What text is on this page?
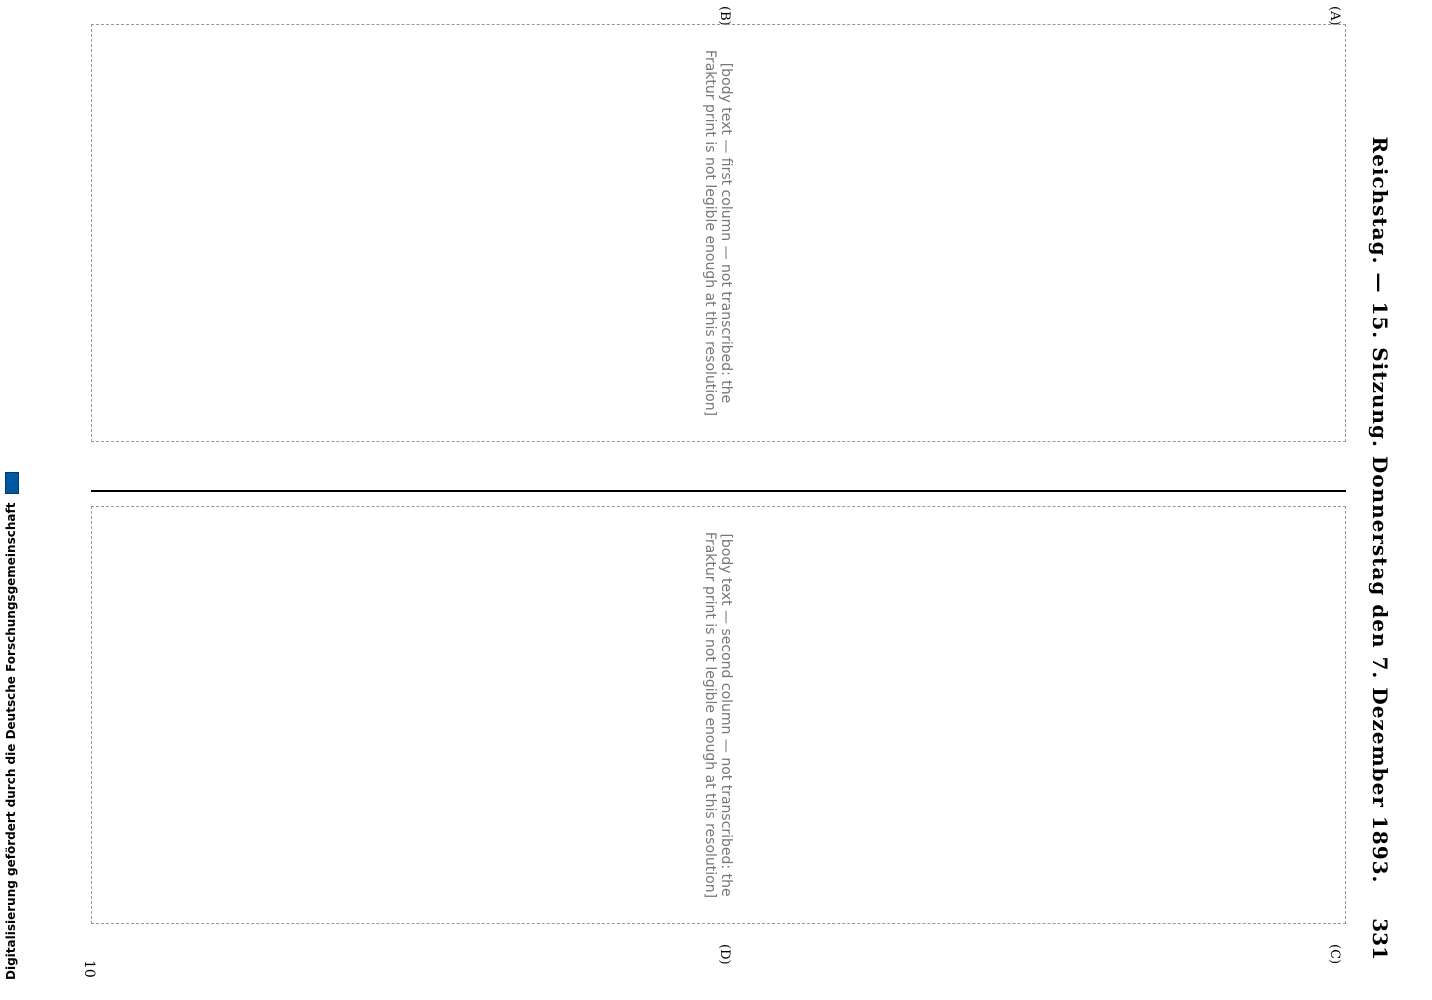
Reichstag. — 15. Sitzung. Donnerstag den 7. Dezember 1893.
331
(A)
(B)
(C)
(D)
[body text — first column — not transcribed: the Fraktur print is not legible enough at this resolution]
[body text — second column — not transcribed: the Fraktur print is not legible enough at this resolution]
10
Digitalisierung gefördert durch die Deutsche Forschungsgemeinschaft
